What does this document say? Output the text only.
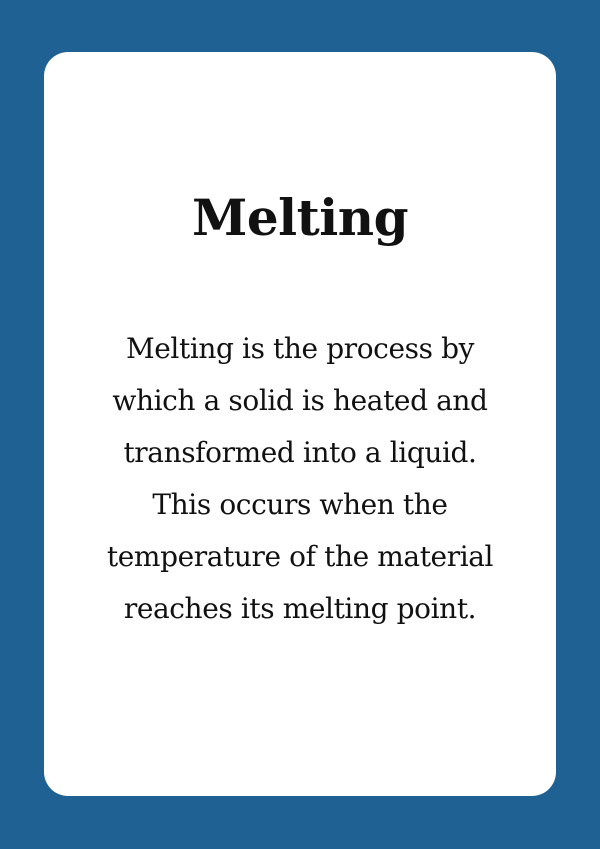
Melting

Melting is the process by
which a solid is heated and
transformed into a liquid.
This occurs when the
temperature of the material
reaches its melting point.
